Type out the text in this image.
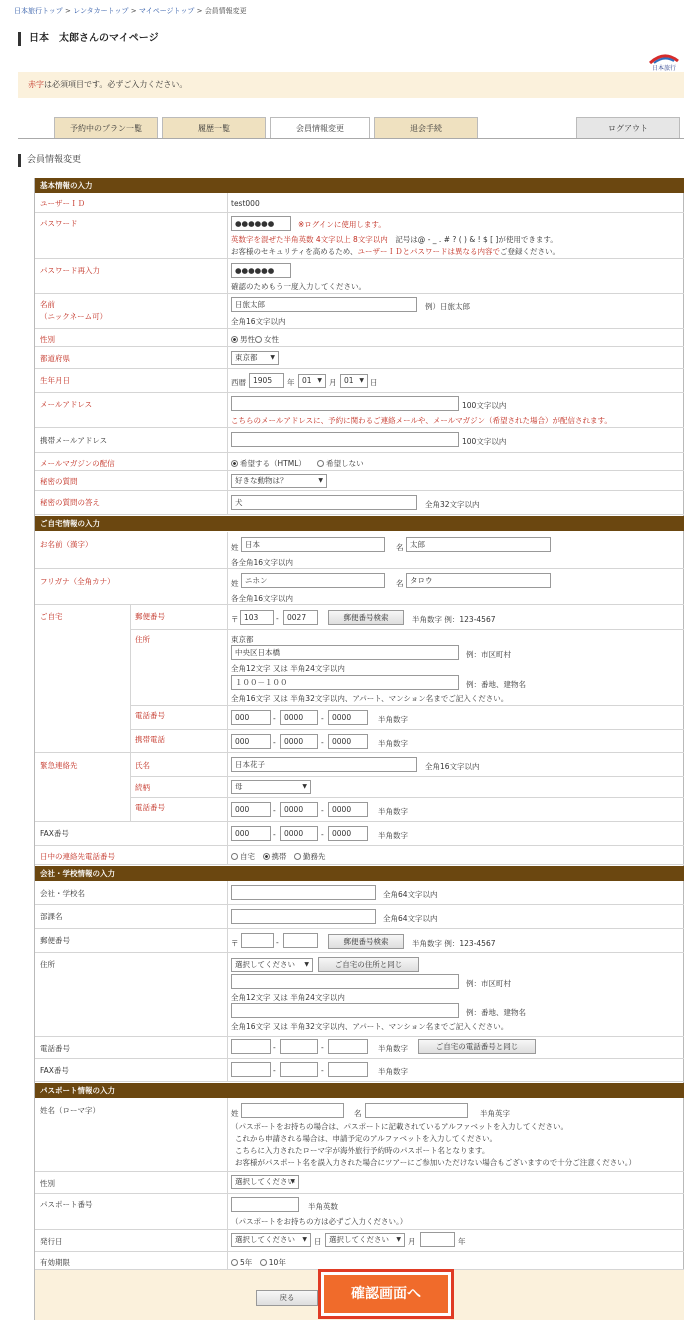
日本旅行トップ > レンタカートップ > マイページトップ > 会員情報変更
日本　太郎さんのマイページ
日本旅行
赤字は必須項目です。必ずご入力ください。
予約中のプラン一覧	履歴一覧	会員情報変更	退会手続	ログアウト
会員情報変更
基本情報の入力
ユーザーＩＤ	test000
パスワード	●●●●●●	※ログインに使用します。
英数字を混ぜた半角英数 4文字以上 8文字以内　 記号は@ - _ . # ? ( ) & ! $ [ ]が使用できます。
お客様のセキュリティを高めるため、ユーザーＩＤとパスワードは異なる内容でご登録ください。
パスワード再入力	●●●●●●
確認のためもう一度入力してください。
名前
（ニックネーム可）
日旅太郎	例）日旅太郎
全角16文字以内
性別	男性 女性
都道府県	東京都 ▼
生年月日	西暦 1905	年	01 ▼	月	01 ▼	日
メールアドレス	100文字以内
こちらのメールアドレスに、予約に関わるご連絡メールや、メールマガジン（希望された場合）が配信されます。
携帯メールアドレス	100文字以内
メールマガジンの配信	希望する（HTML）　　	希望しない
秘密の質問	好きな動物は？ ▼
秘密の質問の答え	犬	全角32文字以内
ご自宅情報の入力
お名前（漢字）	姓 日本	名 太郎
各全角16文字以内
フリガナ（全角カナ）	姓 ニホン	名 タロウ
各全角16文字以内
ご自宅	郵便番号	〒 103	-	0027	郵便番号検索	半角数字 例：123-4567
住所	東京都
中央区日本橋	例：市区町村
全角12文字 又は 半角24文字以内
１００－１００	例：番地、建物名
全角16文字 又は 半角32文字以内、アパート、マンション名までご記入ください。
電話番号	000	-	0000	-	0000	半角数字
携帯電話	000	-	0000	-	0000	半角数字
緊急連絡先	氏名	日本花子	全角16文字以内
続柄	母 ▼
電話番号	000	-	0000	-	0000	半角数字
FAX番号	000	-	0000	-	0000	半角数字
日中の連絡先電話番号	自宅　 携帯　 勤務先
会社・学校情報の入力
会社・学校名	全角64文字以内
部課名	全角64文字以内
郵便番号	〒	-	郵便番号検索	半角数字 例：123-4567
住所	選択してください ▼	ご自宅の住所と同じ
例：市区町村
全角12文字 又は 半角24文字以内
例：番地、建物名
全角16文字 又は 半角32文字以内、アパート、マンション名までご記入ください。
電話番号	-	-	半角数字	ご自宅の電話番号と同じ
FAX番号	-	-	半角数字
パスポート情報の入力
姓名（ローマ字）	姓	名	半角英字
（パスポートをお持ちの場合は、パスポートに記載されているアルファベットを入力してください。
これから申請される場合は、申請予定のアルファベットを入力してください。
こちらに入力されたローマ字が海外旅行予約時のパスポート名となります。
お客様がパスポート名を誤入力された場合にツアーにご参加いただけない場合もございますので十分ご注意ください。）
性別	選択してください ▼
パスポート番号	半角英数
（パスポートをお持ちの方は必ずご入力ください。）
発行日	選択してください ▼	日	選択してください ▼	月	年
有効期限	5年　 10年
戻る	確認画面へ
